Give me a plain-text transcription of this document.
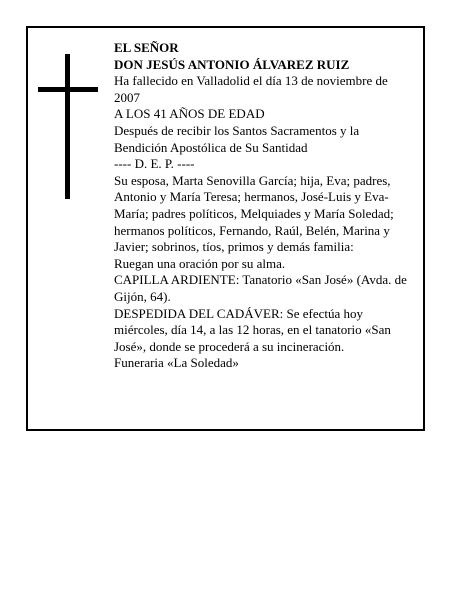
EL SEÑOR
DON JESÚS ANTONIO ÁLVAREZ RUIZ
Ha fallecido en Valladolid el día 13 de noviembre de
2007
A LOS 41 AÑOS DE EDAD
Después de recibir los Santos Sacramentos y la
Bendición Apostólica de Su Santidad
---- D. E. P. ----
Su esposa, Marta Senovilla García; hija, Eva; padres,
Antonio y María Teresa; hermanos, José-Luis y Eva-
María; padres políticos, Melquiades y María Soledad;
hermanos políticos, Fernando, Raúl, Belén, Marina y
Javier; sobrinos, tíos, primos y demás familia:
Ruegan una oración por su alma.
CAPILLA ARDIENTE: Tanatorio «San José» (Avda. de
Gijón, 64).
DESPEDIDA DEL CADÁVER: Se efectúa hoy
miércoles, día 14, a las 12 horas, en el tanatorio «San
José», donde se procederá a su incineración.
Funeraria «La Soledad»
